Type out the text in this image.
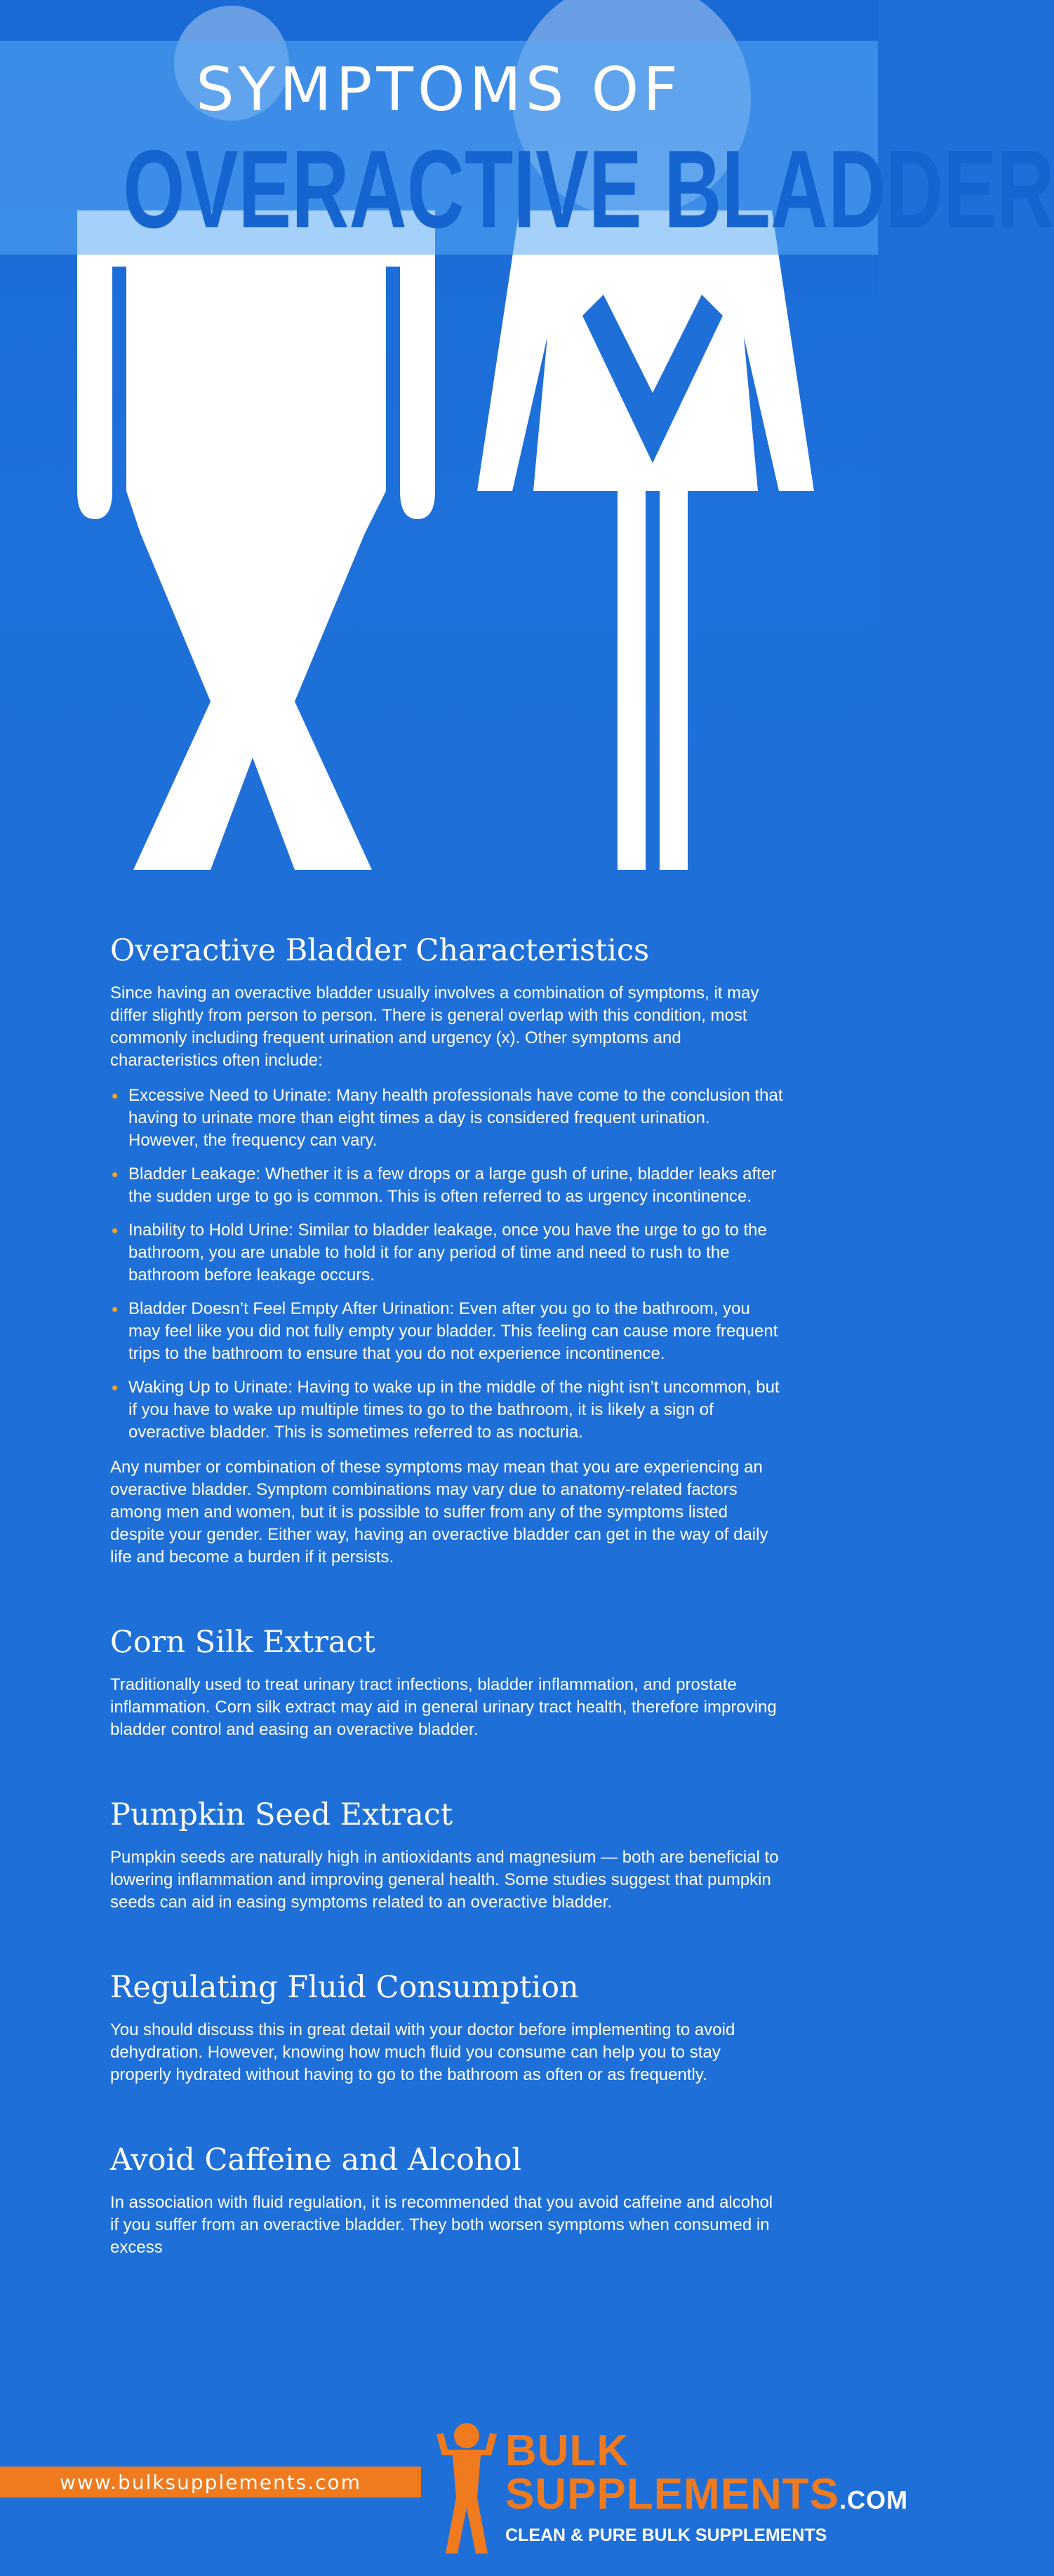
SYMPTOMS OF
OVERACTIVE BLADDER
Overactive Bladder Characteristics

Since having an overactive bladder usually involves a combination of symptoms, it may differ slightly from person to person. There is general overlap with this condition, most commonly including frequent urination and urgency (x). Other symptoms and characteristics often include:

• Excessive Need to Urinate: Many health professionals have come to the conclusion that having to urinate more than eight times a day is considered frequent urination. However, the frequency can vary.
• Bladder Leakage: Whether it is a few drops or a large gush of urine, bladder leaks after the sudden urge to go is common. This is often referred to as urgency incontinence.
• Inability to Hold Urine: Similar to bladder leakage, once you have the urge to go to the bathroom, you are unable to hold it for any period of time and need to rush to the bathroom before leakage occurs.
• Bladder Doesn’t Feel Empty After Urination: Even after you go to the bathroom, you may feel like you did not fully empty your bladder. This feeling can cause more frequent trips to the bathroom to ensure that you do not experience incontinence.
• Waking Up to Urinate: Having to wake up in the middle of the night isn’t uncommon, but if you have to wake up multiple times to go to the bathroom, it is likely a sign of overactive bladder. This is sometimes referred to as nocturia.

Any number or combination of these symptoms may mean that you are experiencing an overactive bladder. Symptom combinations may vary due to anatomy-related factors among men and women, but it is possible to suffer from any of the symptoms listed despite your gender. Either way, having an overactive bladder can get in the way of daily life and become a burden if it persists.

Corn Silk Extract

Traditionally used to treat urinary tract infections, bladder inflammation, and prostate inflammation. Corn silk extract may aid in general urinary tract health, therefore improving bladder control and easing an overactive bladder.

Pumpkin Seed Extract

Pumpkin seeds are naturally high in antioxidants and magnesium — both are beneficial to lowering inflammation and improving general health. Some studies suggest that pumpkin seeds can aid in easing symptoms related to an overactive bladder.

Regulating Fluid Consumption

You should discuss this in great detail with your doctor before implementing to avoid dehydration. However, knowing how much fluid you consume can help you to stay properly hydrated without having to go to the bathroom as often or as frequently.

Avoid Caffeine and Alcohol

In association with fluid regulation, it is recommended that you avoid caffeine and alcohol if you suffer from an overactive bladder. They both worsen symptoms when consumed in excess

www.bulksupplements.com
BULK
SUPPLEMENTS.COM
CLEAN & PURE BULK SUPPLEMENTS
